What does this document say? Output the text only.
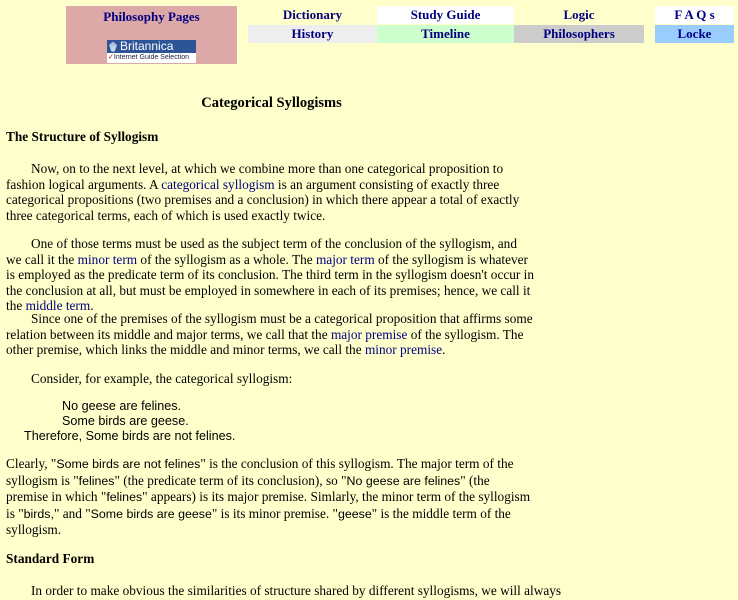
Philosophy Pages
Britannica
✓Internet Guide Selection
Dictionary	Study Guide	Logic	F A Q s
History	Timeline	Philosophers	Locke
Categorical Syllogisms
The Structure of Syllogism

Now, on to the next level, at which we combine more than one categorical proposition to fashion logical arguments. A categorical syllogism is an argument consisting of exactly three categorical propositions (two premises and a conclusion) in which there appear a total of exactly three categorical terms, each of which is used exactly twice.

One of those terms must be used as the subject term of the conclusion of the syllogism, and we call it the minor term of the syllogism as a whole. The major term of the syllogism is whatever is employed as the predicate term of its conclusion. The third term in the syllogism doesn't occur in the conclusion at all, but must be employed in somewhere in each of its premises; hence, we call it the middle term.

Since one of the premises of the syllogism must be a categorical proposition that affirms some relation between its middle and major terms, we call that the major premise of the syllogism. The other premise, which links the middle and minor terms, we call the minor premise.

Consider, for example, the categorical syllogism:

No geese are felines.
Some birds are geese.
Therefore, Some birds are not felines.

Clearly, "Some birds are not felines" is the conclusion of this syllogism. The major term of the syllogism is "felines" (the predicate term of its conclusion), so "No geese are felines" (the premise in which "felines" appears) is its major premise. Simlarly, the minor term of the syllogism is "birds," and "Some birds are geese" is its minor premise. "geese" is the middle term of the syllogism.

Standard Form

In order to make obvious the similarities of structure shared by different syllogisms, we will always
